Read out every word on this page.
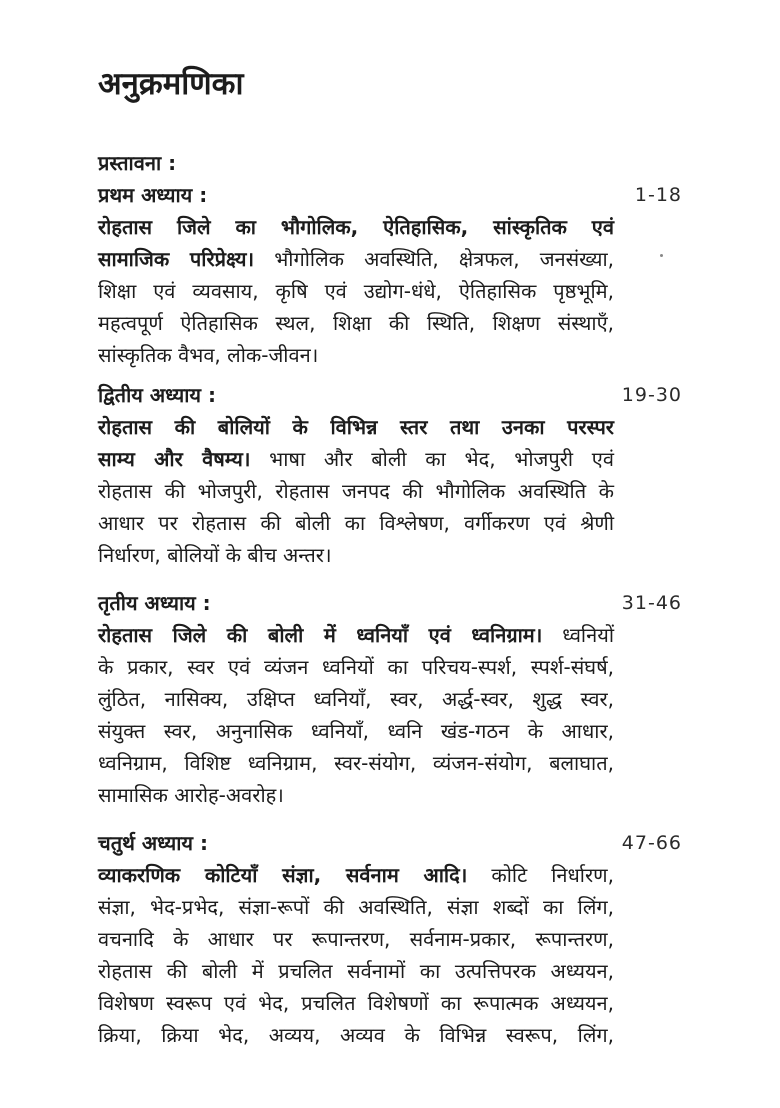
अनुक्रमणिका
प्रस्तावना :
प्रथम अध्याय :	1-18
रोहतास जिले का भौगोलिक, ऐतिहासिक, सांस्कृतिक एवं
सामाजिक परिप्रेक्ष्य। भौगोलिक अवस्थिति, क्षेत्रफल, जनसंख्या,
शिक्षा एवं व्यवसाय, कृषि एवं उद्योग-धंधे, ऐतिहासिक पृष्ठभूमि,
महत्वपूर्ण ऐतिहासिक स्थल, शिक्षा की स्थिति, शिक्षण संस्थाएँ,
सांस्कृतिक वैभव, लोक-जीवन।
द्वितीय अध्याय :	19-30
रोहतास की बोलियों के विभिन्न स्तर तथा उनका परस्पर
साम्य और वैषम्य। भाषा और बोली का भेद, भोजपुरी एवं
रोहतास की भोजपुरी, रोहतास जनपद की भौगोलिक अवस्थिति के
आधार पर रोहतास की बोली का विश्लेषण, वर्गीकरण एवं श्रेणी
निर्धारण, बोलियों के बीच अन्तर।
तृतीय अध्याय :	31-46
रोहतास जिले की बोली में ध्वनियाँ एवं ध्वनिग्राम। ध्वनियों
के प्रकार, स्वर एवं व्यंजन ध्वनियों का परिचय-स्पर्श, स्पर्श-संघर्ष,
लुंठित, नासिक्य, उक्षिप्त ध्वनियाँ, स्वर, अर्द्ध-स्वर, शुद्ध स्वर,
संयुक्त स्वर, अनुनासिक ध्वनियाँ, ध्वनि खंड-गठन के आधार,
ध्वनिग्राम, विशिष्ट ध्वनिग्राम, स्वर-संयोग, व्यंजन-संयोग, बलाघात,
सामासिक आरोह-अवरोह।
चतुर्थ अध्याय :	47-66
व्याकरणिक कोटियाँ संज्ञा, सर्वनाम आदि। कोटि निर्धारण,
संज्ञा, भेद-प्रभेद, संज्ञा-रूपों की अवस्थिति, संज्ञा शब्दों का लिंग,
वचनादि के आधार पर रूपान्तरण, सर्वनाम-प्रकार, रूपान्तरण,
रोहतास की बोली में प्रचलित सर्वनामों का उत्पत्तिपरक अध्ययन,
विशेषण स्वरूप एवं भेद, प्रचलित विशेषणों का रूपात्मक अध्ययन,
क्रिया, क्रिया भेद, अव्यय, अव्यव के विभिन्न स्वरूप, लिंग,
